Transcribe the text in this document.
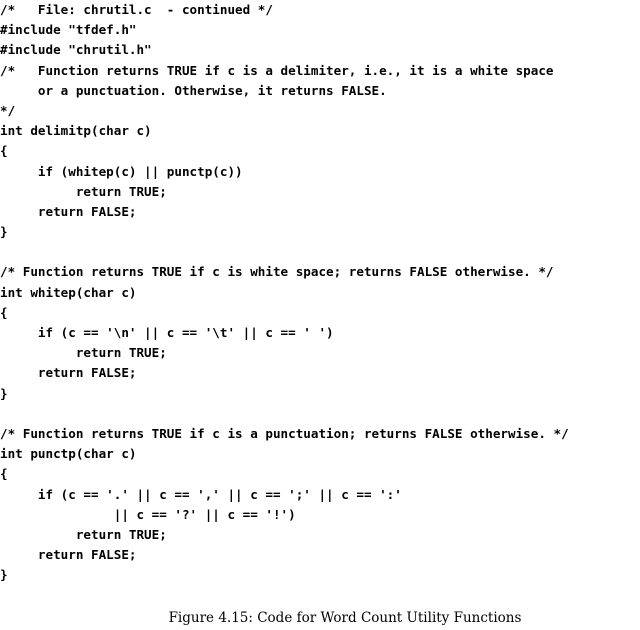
/*   File: chrutil.c  - continued */
#include "tfdef.h"
#include "chrutil.h"
/*   Function returns TRUE if c is a delimiter, i.e., it is a white space
or a punctuation. Otherwise, it returns FALSE.
*/
int delimitp(char c)
{
if (whitep(c) || punctp(c))
return TRUE;
return FALSE;
}
/* Function returns TRUE if c is white space; returns FALSE otherwise. */
int whitep(char c)
{
if (c == '\n' || c == '\t' || c == ' ')
return TRUE;
return FALSE;
}
/* Function returns TRUE if c is a punctuation; returns FALSE otherwise. */
int punctp(char c)
{
if (c == '.' || c == ',' || c == ';' || c == ':'
|| c == '?' || c == '!')
return TRUE;
return FALSE;
}
Figure 4.15: Code for Word Count Utility Functions
